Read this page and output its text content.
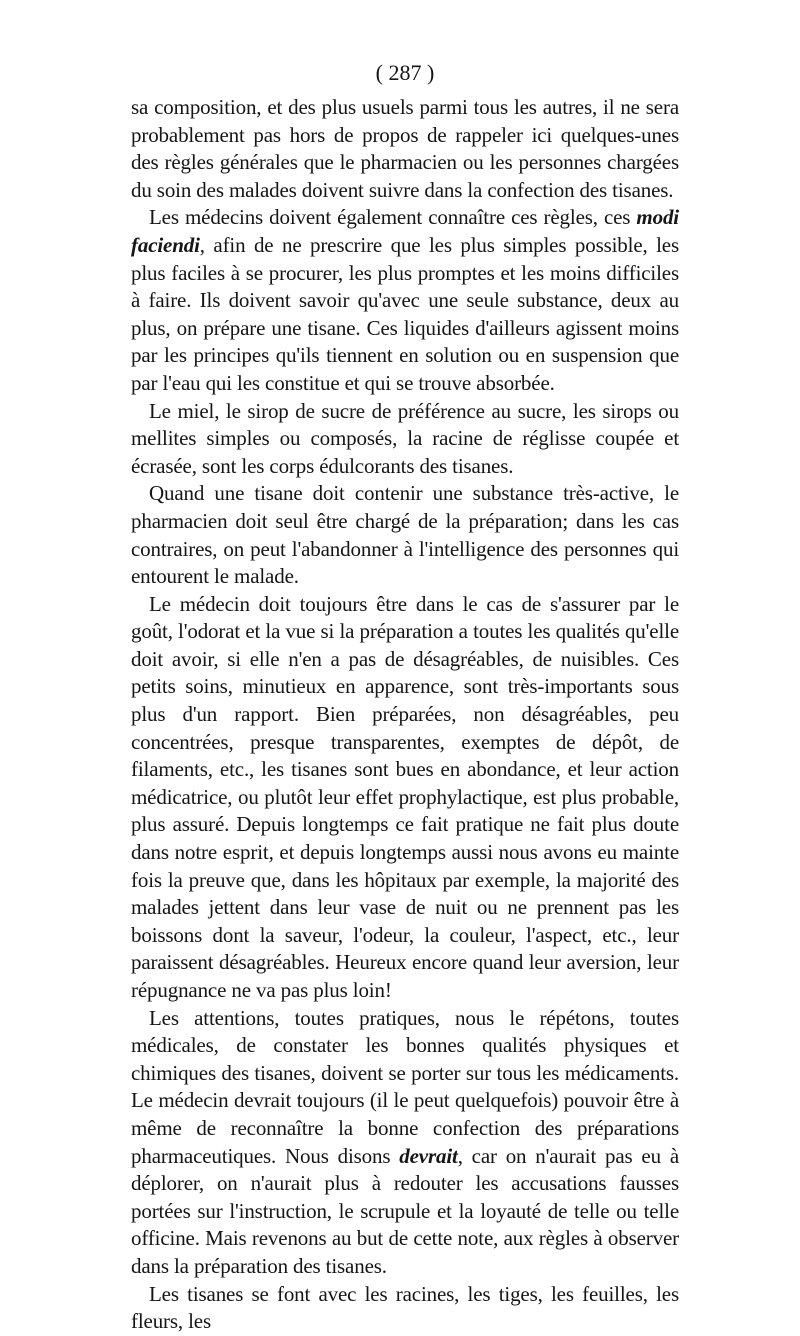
( 287 )

sa composition, et des plus usuels parmi tous les autres, il ne sera probablement pas hors de propos de rappeler ici quelques-unes des règles générales que le pharmacien ou les personnes chargées du soin des malades doivent suivre dans la confection des tisanes.

Les médecins doivent également connaître ces règles, ces modi faciendi, afin de ne prescrire que les plus simples possible, les plus faciles à se procurer, les plus promptes et les moins difficiles à faire. Ils doivent savoir qu'avec une seule substance, deux au plus, on prépare une tisane. Ces liquides d'ailleurs agissent moins par les principes qu'ils tiennent en solution ou en suspension que par l'eau qui les constitue et qui se trouve absorbée.

Le miel, le sirop de sucre de préférence au sucre, les sirops ou mellites simples ou composés, la racine de réglisse coupée et écrasée, sont les corps édulcorants des tisanes.

Quand une tisane doit contenir une substance très-active, le pharmacien doit seul être chargé de la préparation; dans les cas contraires, on peut l'abandonner à l'intelligence des personnes qui entourent le malade.

Le médecin doit toujours être dans le cas de s'assurer par le goût, l'odorat et la vue si la préparation a toutes les qualités qu'elle doit avoir, si elle n'en a pas de désagréables, de nuisibles. Ces petits soins, minutieux en apparence, sont très-importants sous plus d'un rapport. Bien préparées, non désagréables, peu concentrées, presque transparentes, exemptes de dépôt, de filaments, etc., les tisanes sont bues en abondance, et leur action médicatrice, ou plutôt leur effet prophylactique, est plus probable, plus assuré. Depuis longtemps ce fait pratique ne fait plus doute dans notre esprit, et depuis longtemps aussi nous avons eu mainte fois la preuve que, dans les hôpitaux par exemple, la majorité des malades jettent dans leur vase de nuit ou ne prennent pas les boissons dont la saveur, l'odeur, la couleur, l'aspect, etc., leur paraissent désagréables. Heureux encore quand leur aversion, leur répugnance ne va pas plus loin!

Les attentions, toutes pratiques, nous le répétons, toutes médicales, de constater les bonnes qualités physiques et chimiques des tisanes, doivent se porter sur tous les médicaments. Le médecin devrait toujours (il le peut quelquefois) pouvoir être à même de reconnaître la bonne confection des préparations pharmaceutiques. Nous disons devrait, car on n'aurait pas eu à déplorer, on n'aurait plus à redouter les accusations fausses portées sur l'instruction, le scrupule et la loyauté de telle ou telle officine. Mais revenons au but de cette note, aux règles à observer dans la préparation des tisanes.

Les tisanes se font avec les racines, les tiges, les feuilles, les fleurs, les
